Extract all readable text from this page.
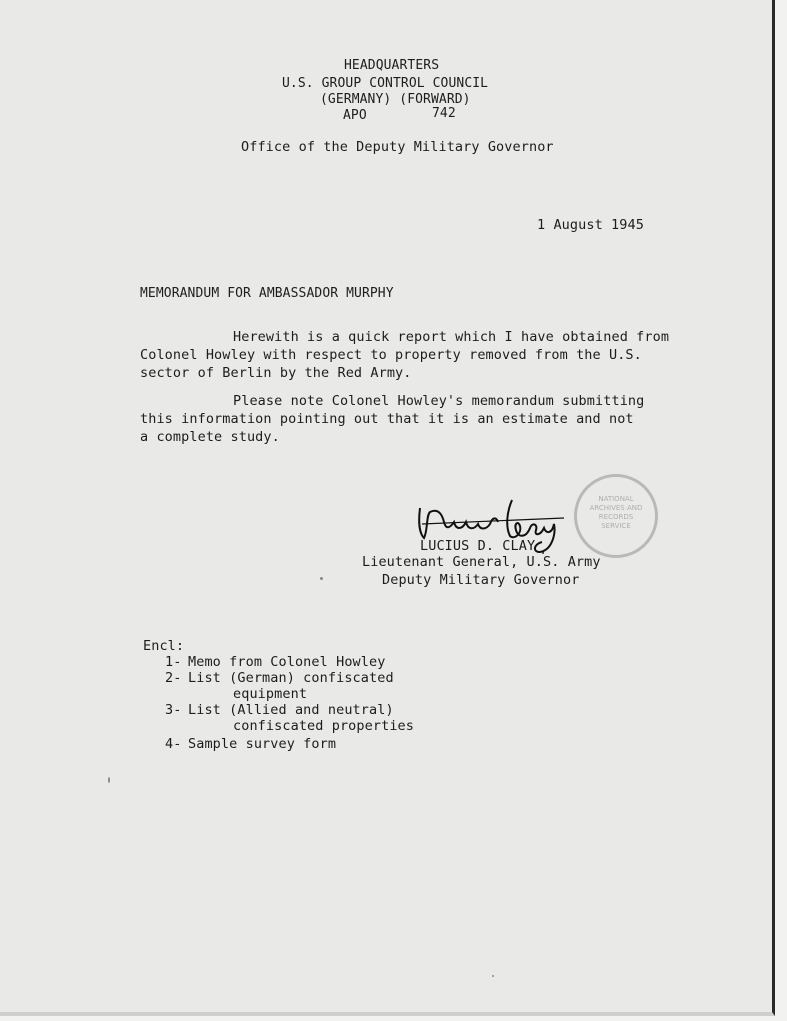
HEADQUARTERS
U.S. GROUP CONTROL COUNCIL
(GERMANY) (FORWARD)
APO	742
Office of the Deputy Military Governor
1 August 1945
MEMORANDUM FOR AMBASSADOR MURPHY
Herewith is a quick report which I have obtained from
Colonel Howley with respect to property removed from the U.S.
sector of Berlin by the Red Army.
Please note Colonel Howley's memorandum submitting
this information pointing out that it is an estimate and not
a complete study.
NATIONAL
ARCHIVES AND
RECORDS
SERVICE
LUCIUS D. CLAY
Lieutenant General, U.S. Army
Deputy Military Governor
Encl:
1- Memo from Colonel Howley
2- List (German) confiscated
equipment
3- List (Allied and neutral)
confiscated properties
4- Sample survey form
